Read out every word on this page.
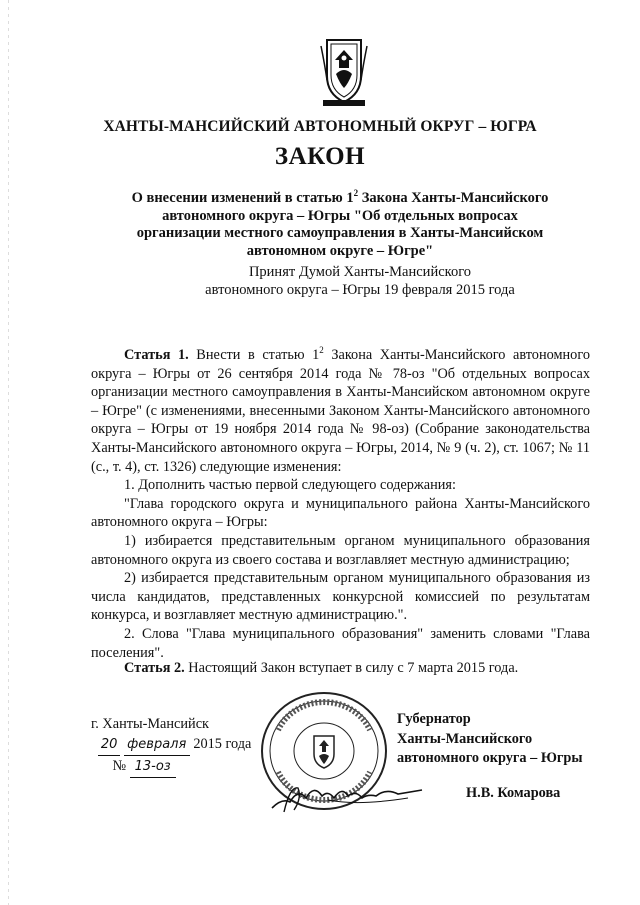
ХАНТЫ-МАНСИЙСКИЙ АВТОНОМНЫЙ ОКРУГ – ЮГРА
ЗАКОН
О внесении изменений в статью $1^2$ Закона Ханты-Мансийского
автономного округа – Югры "Об отдельных вопросах
организации местного самоуправления в Ханты-Мансийском
автономном округе – Югре"
Принят Думой Ханты-Мансийского
автономного округа – Югры 19 февраля 2015 года

Статья 1. Внести в статью $1^2$ Закона Ханты-Мансийского автономного округа – Югры от 26 сентября 2014 года № 78-оз "Об отдельных вопросах организации местного самоуправления в Ханты-Мансийском автономном округе – Югре" (с изменениями, внесенными Законом Ханты-Мансийского автономного округа – Югры от 19 ноября 2014 года № 98-оз) (Собрание законодательства Ханты-Мансийского автономного округа – Югры, 2014, № 9 (ч. 2), ст. 1067; № 11 (с., т. 4), ст. 1326) следующие изменения:

1. Дополнить частью первой следующего содержания:

"Глава городского округа и муниципального района Ханты-Мансийского автономного округа – Югры:

1) избирается представительным органом муниципального образования автономного округа из своего состава и возглавляет местную администрацию;

2) избирается представительным органом муниципального образования из числа кандидатов, представленных конкурсной комиссией по результатам конкурса, и возглавляет местную администрацию.".

2. Слова "Глава муниципального образования" заменить словами "Глава поселения".

Статья 2. Настоящий Закон вступает в силу с 7 марта 2015 года.
г. Ханты-Мансийск
20 февраля 2015 года
№ 13-оз
Губернатор
Ханты-Мансийского
автономного округа – Югры
Н.В. Комарова
